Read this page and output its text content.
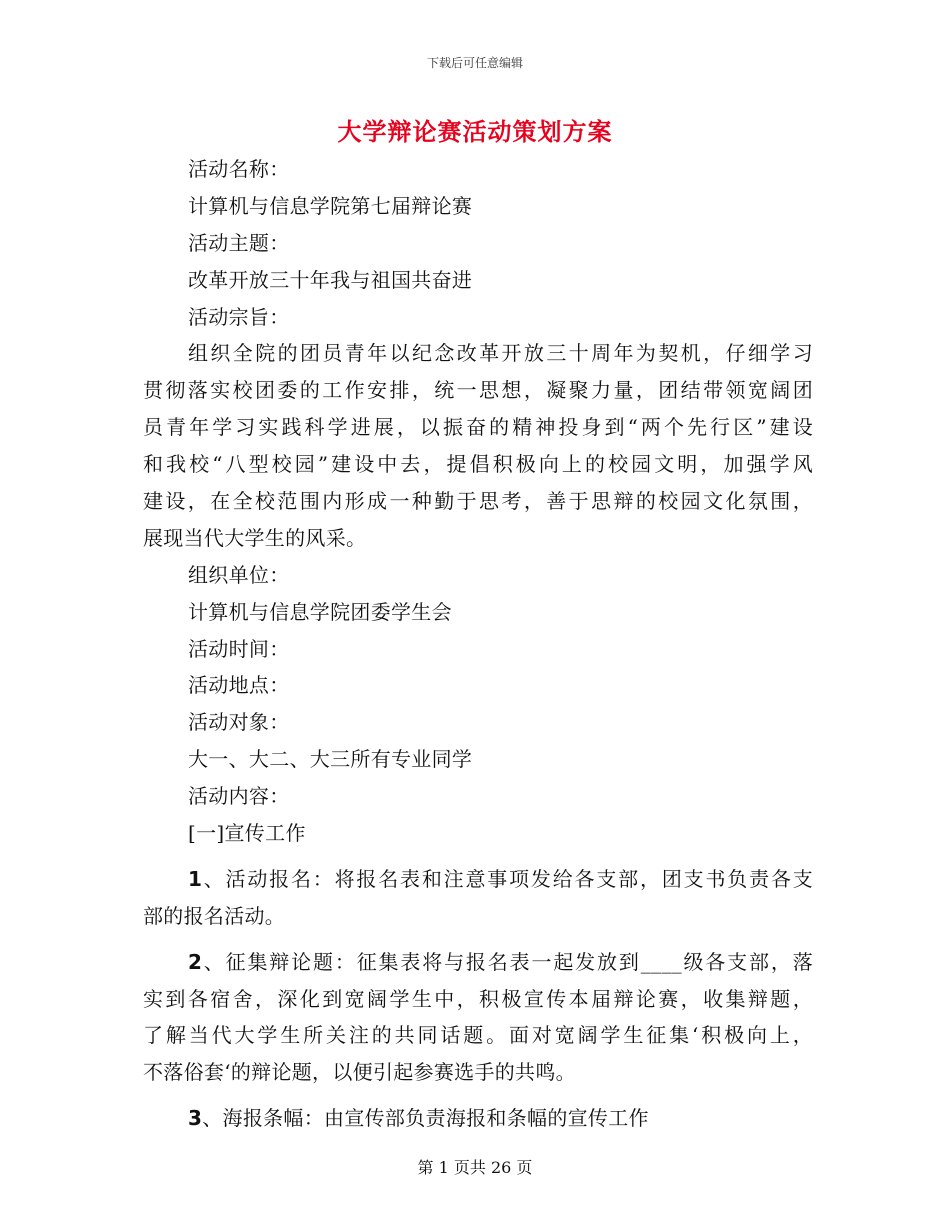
下载后可任意编辑
大学辩论赛活动策划方案
活动名称：
计算机与信息学院第七届辩论赛
活动主题：
改革开放三十年我与祖国共奋进
活动宗旨：
组织全院的团员青年以纪念改革开放三十周年为契机，仔细学习
贯彻落实校团委的工作安排，统一思想，凝聚力量，团结带领宽阔团
员青年学习实践科学进展，以振奋的精神投身到“两个先行区”建设
和我校“八型校园”建设中去，提倡积极向上的校园文明，加强学风
建设，在全校范围内形成一种勤于思考，善于思辩的校园文化氛围，
展现当代大学生的风采。
组织单位：
计算机与信息学院团委学生会
活动时间：
活动地点：
活动对象：
大一、大二、大三所有专业同学
活动内容：
[一]宣传工作
1、活动报名：将报名表和注意事项发给各支部，团支书负责各支
部的报名活动。
2、征集辩论题：征集表将与报名表一起发放到____级各支部，落
实到各宿舍，深化到宽阔学生中，积极宣传本届辩论赛，收集辩题，
了解当代大学生所关注的共同话题。面对宽阔学生征集‘积极向上，
不落俗套‘的辩论题，以便引起参赛选手的共鸣。
3、海报条幅：由宣传部负责海报和条幅的宣传工作
第 1 页共 26 页
